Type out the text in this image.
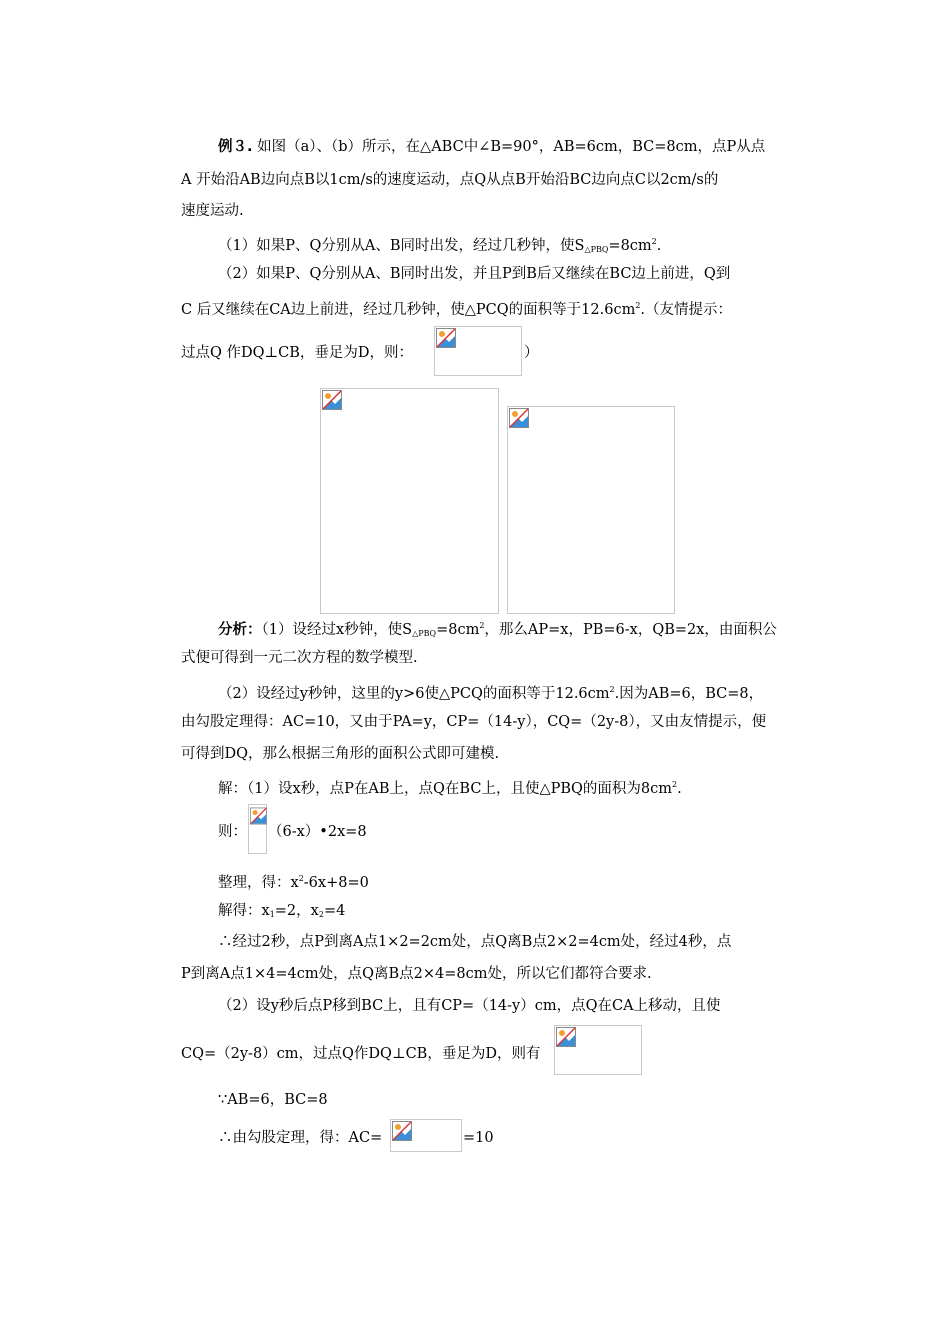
例３. 如图（a）、（b）所示，在△ABC中∠B=90°，AB=6cm，BC=8cm，点P从点
A 开始沿AB边向点B以1cm/s的速度运动，点Q从点B开始沿BC边向点C以2cm/s的
速度运动.
（1）如果P、Q分别从A、B同时出发，经过几秒钟，使$S_{\triangle PBQ}=8cm^2$.
（2）如果P、Q分别从A、B同时出发，并且P到B后又继续在BC边上前进，Q到
C 后又继续在CA边上前进，经过几秒钟，使△PCQ的面积等于$12.6cm^2$.（友情提示：
过点Q 作DQ⊥CB，垂足为D，则：	）
分析：（1）设经过x秒钟，使$S_{\triangle PBQ}=8cm^2$，那么AP=x，PB=6-x，QB=2x，由面积公
式便可得到一元二次方程的数学模型.
（2）设经过y秒钟，这里的y>6使△PCQ的面积等于$12.6cm^2$.因为AB=6，BC=8，
由勾股定理得：AC=10，又由于PA=y，CP=（14-y），CQ=（2y-8），又由友情提示，便
可得到DQ，那么根据三角形的面积公式即可建模.
解：（1）设x秒，点P在AB上，点Q在BC上，且使△PBQ的面积为$8cm^2$.
则： （6-x）•2x=8
整理，得：$x^2-6x+8=0$
解得：$x_1=2$，$x_2=4$
∴经过2秒，点P到离A点1×2=2cm处，点Q离B点2×2=4cm处，经过4秒，点
P到离A点1×4=4cm处，点Q离B点2×4=8cm处，所以它们都符合要求.
（2）设y秒后点P移到BC上，且有CP=（14-y）cm，点Q在CA上移动，且使
CQ=（2y-8）cm，过点Q作DQ⊥CB，垂足为D，则有
∵AB=6，BC=8
∴由勾股定理，得：AC=	=10
